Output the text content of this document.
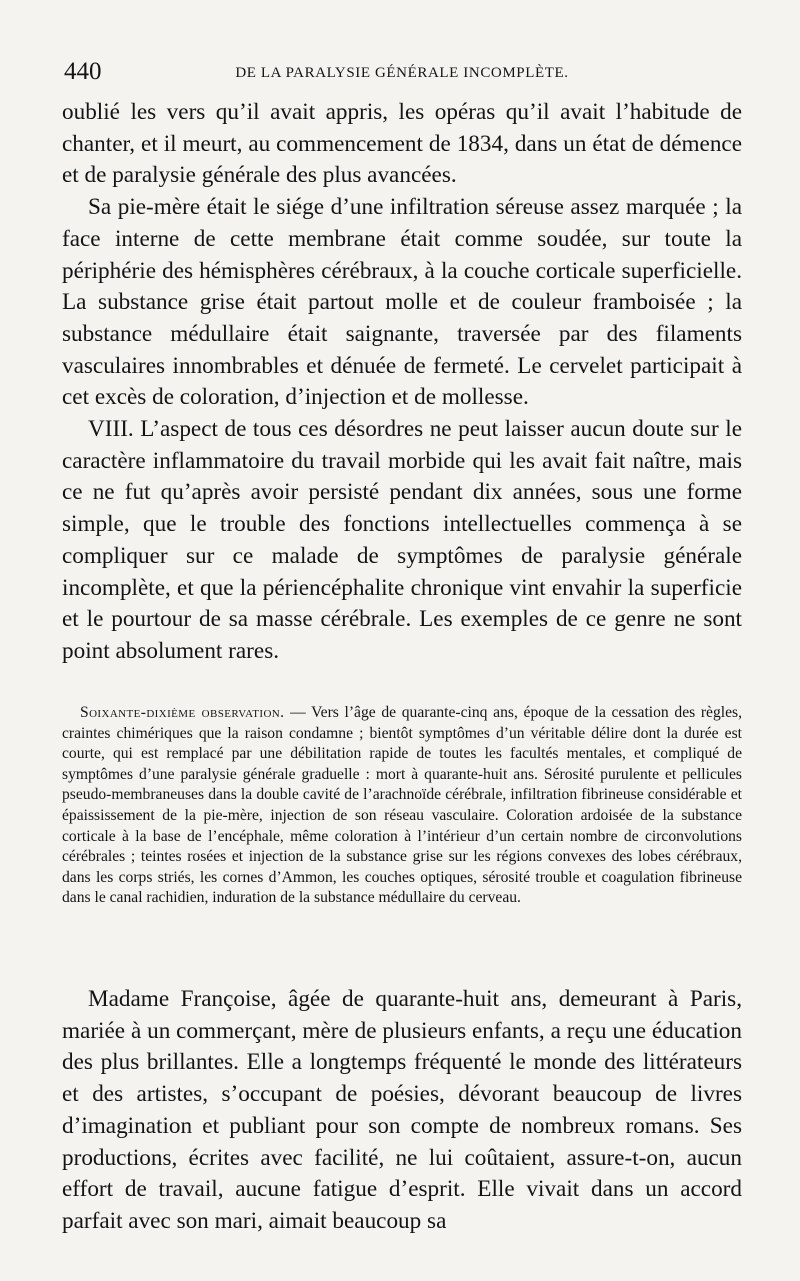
440	DE LA PARALYSIE GÉNÉRALE INCOMPLÈTE.

oublié les vers qu’il avait appris, les opéras qu’il avait l’habitude de chanter, et il meurt, au commencement de 1834, dans un état de démence et de paralysie générale des plus avancées.

Sa pie-mère était le siége d’une infiltration séreuse assez marquée ; la face interne de cette membrane était comme soudée, sur toute la périphérie des hémisphères cérébraux, à la couche corticale superficielle. La substance grise était partout molle et de couleur framboisée ; la substance médullaire était saignante, traversée par des filaments vasculaires innombrables et dénuée de fermeté. Le cervelet participait à cet excès de coloration, d’injection et de mollesse.

VIII. L’aspect de tous ces désordres ne peut laisser aucun doute sur le caractère inflammatoire du travail morbide qui les avait fait naître, mais ce ne fut qu’après avoir persisté pendant dix années, sous une forme simple, que le trouble des fonctions intellectuelles commença à se compliquer sur ce malade de symptômes de paralysie générale incomplète, et que la périencéphalite chronique vint envahir la superficie et le pourtour de sa masse cérébrale. Les exemples de ce genre ne sont point absolument rares.

Soixante-dixième observation. — Vers l’âge de quarante-cinq ans, époque de la cessation des règles, craintes chimériques que la raison condamne ; bientôt symptômes d’un véritable délire dont la durée est courte, qui est remplacé par une débilitation rapide de toutes les facultés mentales, et compliqué de symptômes d’une paralysie générale graduelle : mort à quarante-huit ans. Sérosité purulente et pellicules pseudo-membraneuses dans la double cavité de l’arachnoïde cérébrale, infiltration fibrineuse considérable et épaississement de la pie-mère, injection de son réseau vasculaire. Coloration ardoisée de la substance corticale à la base de l’encéphale, même coloration à l’intérieur d’un certain nombre de circonvolutions cérébrales ; teintes rosées et injection de la substance grise sur les régions convexes des lobes cérébraux, dans les corps striés, les cornes d’Ammon, les couches optiques, sérosité trouble et coagulation fibrineuse dans le canal rachidien, induration de la substance médullaire du cerveau.

Madame Françoise, âgée de quarante-huit ans, demeurant à Paris, mariée à un commerçant, mère de plusieurs enfants, a reçu une éducation des plus brillantes. Elle a longtemps fréquenté le monde des littérateurs et des artistes, s’occupant de poésies, dévorant beaucoup de livres d’imagination et publiant pour son compte de nombreux romans. Ses productions, écrites avec facilité, ne lui coûtaient, assure-t-on, aucun effort de travail, aucune fatigue d’esprit. Elle vivait dans un accord parfait avec son mari, aimait beaucoup sa
